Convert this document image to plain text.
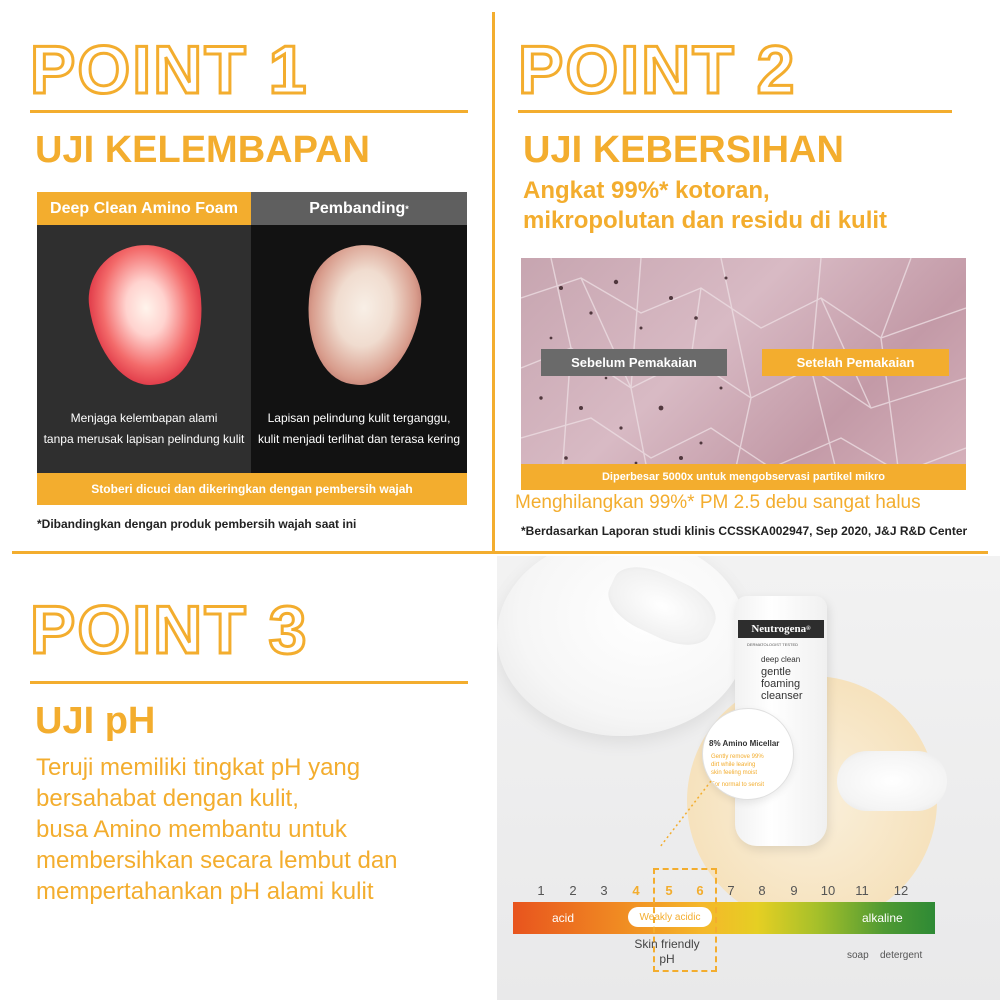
POINT 1
UJI KELEMBAPAN
Deep Clean Amino Foam	Pembanding *
Menjaga kelembapan alami
tanpa merusak lapisan pelindung kulit
Lapisan pelindung kulit terganggu,
kulit menjadi terlihat dan terasa kering
Stoberi dicuci dan dikeringkan dengan pembersih wajah
*Dibandingkan dengan produk pembersih wajah saat ini
POINT 2
UJI KEBERSIHAN
Angkat 99%* kotoran,
mikropolutan dan residu di kulit
Diperbesar 5000x untuk mengobservasi partikel mikro
Sebelum Pemakaian	Setelah Pemakaian
Menghilangkan 99%* PM 2.5 debu sangat halus
*Berdasarkan Laporan studi klinis CCSSKA002947, Sep 2020, J&J R&D Center
POINT 3
UJI pH
Teruji memiliki tingkat pH yang
bersahabat dengan kulit,
busa Amino membantu untuk
membersihkan secara lembut dan
mempertahankan pH alami kulit
Neutrogena ®
DERMATOLOGIST TESTED
deep clean
gentle
foaming
cleanser
8% Amino Micellar
Gently remove 99%
dirt while leaving
skin feeling moist
For normal to sensit
1	2	3	4	5	6	7	8	9	10 11 12
acid	Weakly acidic	alkaline
Skin friendly
pH	soap detergent
